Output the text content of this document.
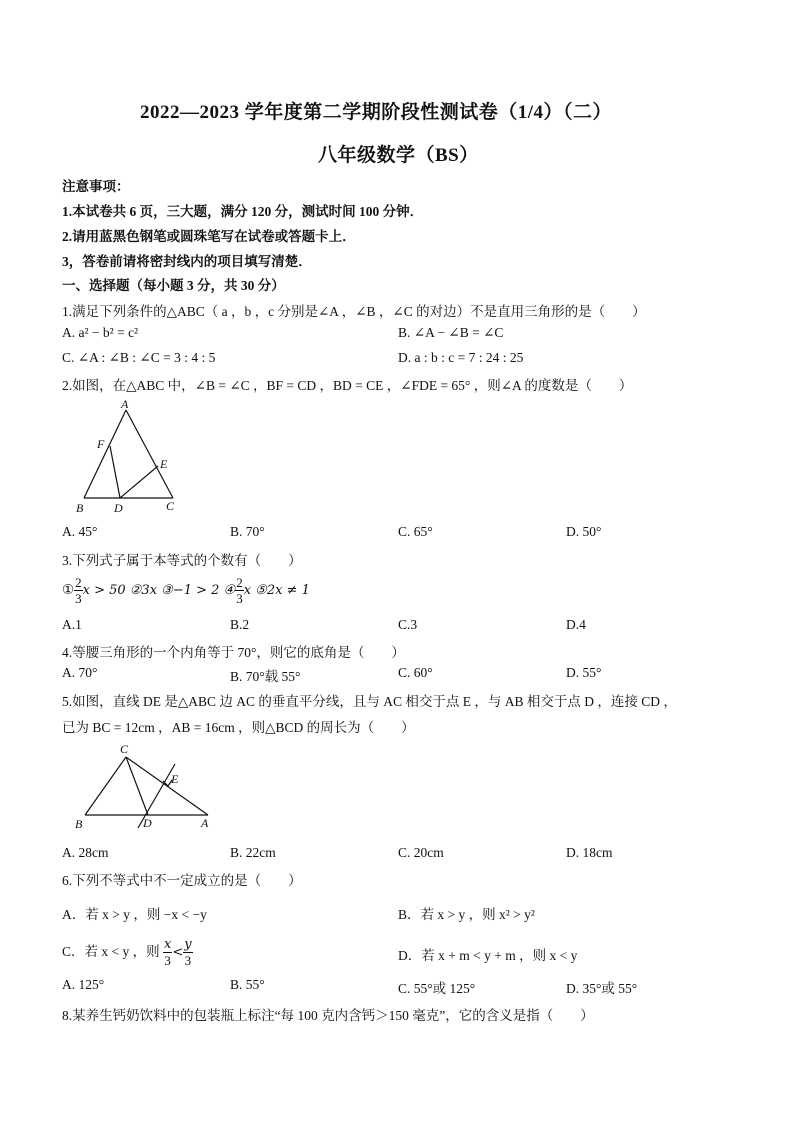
2022—2023 学年度第二学期阶段性测试卷（1/4）（二）
八年级数学（BS）
注意事项：
1.本试卷共 6 页，三大题，满分 120 分，测试时间 100 分钟．
2.请用蓝黑色钢笔或圆珠笔写在试卷或答题卡上．
3，答卷前请将密封线内的项目填写清楚．
一、选择题（每小题 3 分，共 30 分）
1.满足下列条件的△ABC（ a ，b ，c 分别是∠A ，∠B ，∠C 的对边）不是直用三角形的是（　　）
A. a² − b² = c²	B. ∠A − ∠B = ∠C
C. ∠A : ∠B : ∠C = 3 : 4 : 5	D. a : b : c = 7 : 24 : 25
2.如图，在△ABC 中，∠B = ∠C ，BF = CD ，BD = CE ，∠FDE = 65° ，则∠A 的度数是（　　）
A
F
E
B	D	C
C
E
B	D	A
A. 45°	B. 70°	C. 65°	D. 50°
3.下列式子属于本等式的个数有（　　）
① $\frac{2}{3}$ x > 50 ②3x ③−1 > 2 ④ $\frac{2}{3}$ x ⑤2x ≠ 1
A.1	B.2	C.3	D.4
4.等腰三角形的一个内角等于 70°，则它的底角是（　　）
A. 70°	B. 70°载 55°	C. 60°	D. 55°
5.如图，直线 DE 是△ABC 边 AC 的垂直平分线，且与 AC 相交于点 E ，与 AB 相交于点 D ，连接 CD ，
已为 BC = 12cm ，AB = 16cm ，则△BCD 的周长为（　　）
A. 28cm	B. 22cm	C. 20cm	D. 18cm
6.下列不等式中不一定成立的是（　　）
A．若 x > y ，则 −x < −y	B．若 x > y ，则 x² > y²
C．若 x < y ，则 $\frac{x}{3} < \frac{y}{3}$	D．若 x + m < y + m ，则 x < y
A. 125°	B. 55°	C. 55°或 125°	D. 35°或 55°
8.某养生钙奶饮料中的包装瓶上标注“每 100 克内含钙＞150 毫克”，它的含义是指（　　）
